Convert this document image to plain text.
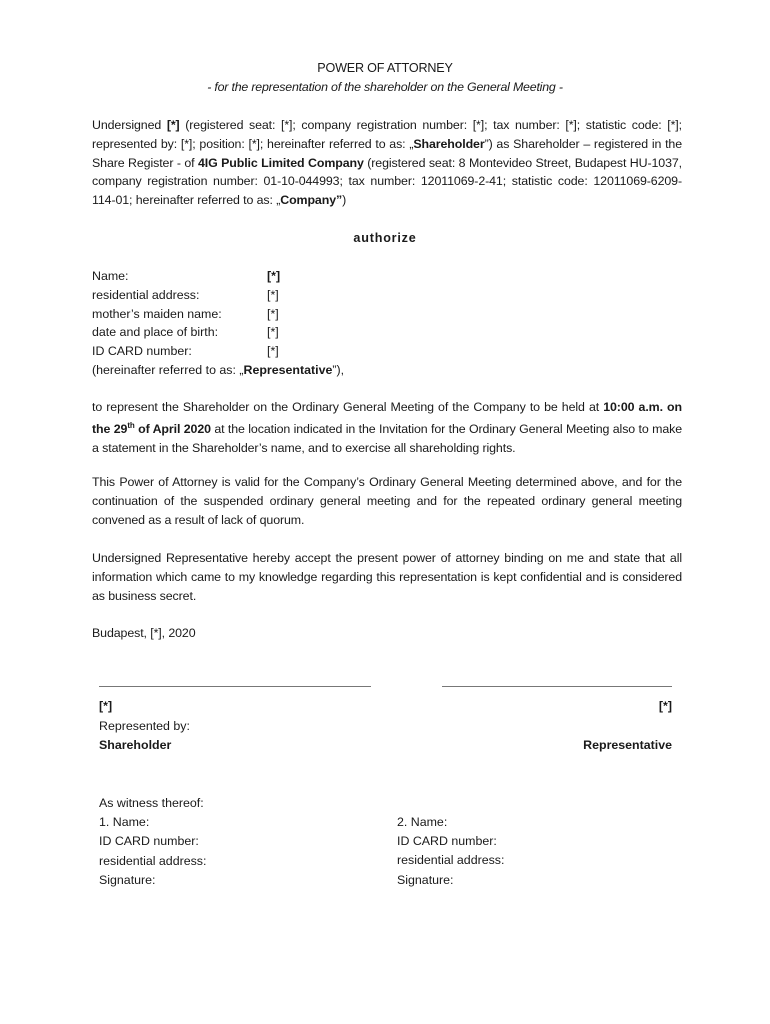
POWER OF ATTORNEY
- for the representation of the shareholder on the General Meeting -
Undersigned [*] (registered seat: [*]; company registration number: [*]; tax number: [*]; statistic code: [*]; represented by: [*]; position: [*]; hereinafter referred to as: „Shareholder”) as Shareholder – registered in the Share Register - of 4IG Public Limited Company (registered seat: 8 Montevideo Street, Budapest HU-1037, company registration number: 01-10-044993; tax number: 12011069-2-41; statistic code: 12011069-6209-114-01; hereinafter referred to as: „Company”)
authorize
Name:	[*]
residential address:	[*]
mother’s maiden name:	[*]
date and place of birth:	[*]
ID CARD number:	[*]
(hereinafter referred to as: „Representative”),
to represent the Shareholder on the Ordinary General Meeting of the Company to be held at 10:00 a.m. on the 29th of April 2020 at the location indicated in the Invitation for the Ordinary General Meeting also to make a statement in the Shareholder’s name, and to exercise all shareholding rights.
This Power of Attorney is valid for the Company’s Ordinary General Meeting determined above, and for the continuation of the suspended ordinary general meeting and for the repeated ordinary general meeting convened as a result of lack of quorum.
Undersigned Representative hereby accept the present power of attorney binding on me and state that all information which came to my knowledge regarding this representation is kept confidential and is considered as business secret.
Budapest, [*], 2020
[*]
Represented by:
Shareholder
[*]

Representative
As witness thereof:
1. Name:
ID CARD number:
residential address:
Signature:
2. Name:
ID CARD number:
residential address:
Signature:
